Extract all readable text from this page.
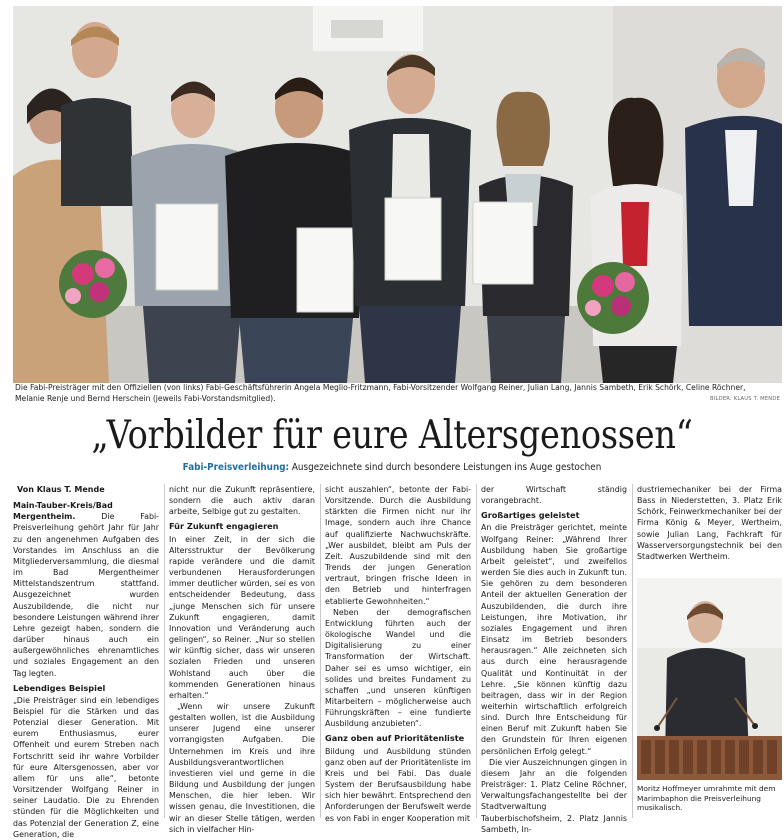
Die Fabi-Preisträger mit den Offiziellen (von links) Fabi-Geschäftsführerin Angela Meglio-Fritzmann, Fabi-Vorsitzender Wolfgang Reiner, Julian Lang, Jannis Sambeth, Erik Schörk, Celine Röchner, Melanie Renje und Bernd Herschein (jeweils Fabi-Vorstandsmitglied).	BILDER: KLAUS T. MENDE
„Vorbilder für eure Altersgenossen“
Fabi-Preisverleihung: Ausgezeichnete sind durch besondere Leistungen ins Auge gestochen
Von Klaus T. Mende

Main-Tauber-Kreis/Bad Mergentheim.	Die Fabi-Preisverleihung gehört Jahr für Jahr zu den angenehmen Aufgaben des Vorstandes im Anschluss an die Mitgliederversammlung, die diesmal im Bad Mergentheimer Mittelstandszentrum stattfand. Ausgezeichnet wurden Auszubildende, die nicht nur besondere Leistungen während ihrer Lehre gezeigt haben, sondern die darüber hinaus auch ein außergewöhnliches ehrenamtliches und soziales Engagement an den Tag legten.

Lebendiges Beispiel

„Die Preisträger sind ein lebendiges Beispiel für die Stärken und das Potenzial dieser Generation. Mit eurem Enthusiasmus, eurer Offenheit und eurem Streben nach Fortschritt seid ihr wahre Vorbilder für eure Altersgenossen, aber vor allem für uns alle“, betonte Vorsitzender Wolfgang Reiner in seiner Laudatio. Die zu Ehrenden stünden für die Möglichkeiten und das Potenzial der Generation Z, eine Generation, die

nicht nur die Zukunft repräsentiere, sondern die auch aktiv daran arbeite, Selbige gut zu gestalten.

Für Zukunft engagieren

In einer Zeit, in der sich die Altersstruktur der Bevölkerung rapide verändere und die damit verbundenen Herausforderungen immer deutlicher würden, sei es von entscheidender Bedeutung, dass „junge Menschen sich für unsere Zukunft engagieren, damit Innovation und Veränderung auch gelingen“, so Reiner. „Nur so stellen wir künftig sicher, dass wir unseren sozialen Frieden und unseren Wohlstand auch über die kommenden Generationen hinaus erhalten.“

„Wenn wir unsere Zukunft gestalten wollen, ist die Ausbildung unserer Jugend eine unserer vorrangigsten Aufgaben. Die Unternehmen im Kreis und ihre Ausbildungsverantwortlichen investieren viel und gerne in die Bildung und Ausbildung der jungen Menschen, die hier leben. Wir wissen genau, die Investitionen, die wir an dieser Stelle tätigen, werden sich in vielfacher Hin-

sicht auszahlen“, betonte der Fabi-Vorsitzende. Durch die Ausbildung stärkten die Firmen nicht nur ihr Image, sondern auch ihre Chance auf qualifizierte Nachwuchskräfte. „Wer ausbildet, bleibt am Puls der Zeit. Auszubildende sind mit den Trends der jungen Generation vertraut, bringen frische Ideen in den Betrieb und hinterfragen etablierte Gewohnheiten.“

Neben der demografischen Entwicklung führten auch der ökologische Wandel und die Digitalisierung zu einer Transformation der Wirtschaft. Daher sei es umso wichtiger, ein solides und breites Fundament zu schaffen „und unseren künftigen Mitarbeitern – möglicherweise auch Führungskräften – eine fundierte Ausbildung anzubieten“.

Ganz oben auf Prioritätenliste

Bildung und Ausbildung stünden ganz oben auf der Prioritätenliste im Kreis und bei Fabi. Das duale System der Berufsausbildung habe sich hier bewährt. Entsprechend den Anforderungen der Berufswelt werde es von Fabi in enger Kooperation mit

der Wirtschaft ständig vorangebracht.

Großartiges geleistet

An die Preisträger gerichtet, meinte Wolfgang Reiner: „Während Ihrer Ausbildung haben Sie großartige Arbeit geleistet“, und zweifellos werden Sie dies auch in Zukunft tun. Sie gehören zu dem besonderen Anteil der aktuellen Generation der Auszubildenden, die durch ihre Leistungen, ihre Motivation, ihr soziales Engagement und ihren Einsatz im Betrieb besonders herausragen.“ Alle zeichneten sich aus durch eine herausragende Qualität und Kontinuität in der Lehre. „Sie können künftig dazu beitragen, dass wir in der Region weiterhin wirtschaftlich erfolgreich sind. Durch Ihre Entscheidung für einen Beruf mit Zukunft haben Sie den Grundstein für Ihren eigenen persönlichen Erfolg gelegt.“

Die vier Auszeichnungen gingen in diesem Jahr an die folgenden Preisträger: 1. Platz Celine Röchner, Verwaltungsfachangestellte bei der Stadtverwaltung Tauberbischofsheim, 2. Platz Jannis Sambeth, In-

dustriemechaniker bei der Firma Bass in Niederstetten, 3. Platz Erik Schörk, Feinwerkmechaniker bei der Firma König & Meyer, Wertheim, sowie Julian Lang, Fachkraft für Wasserversorgungstechnik bei den Stadtwerken Wertheim.

Moritz Hoffmeyer umrahmte mit dem Marimbaphon die Preisverleihung musikalisch.
